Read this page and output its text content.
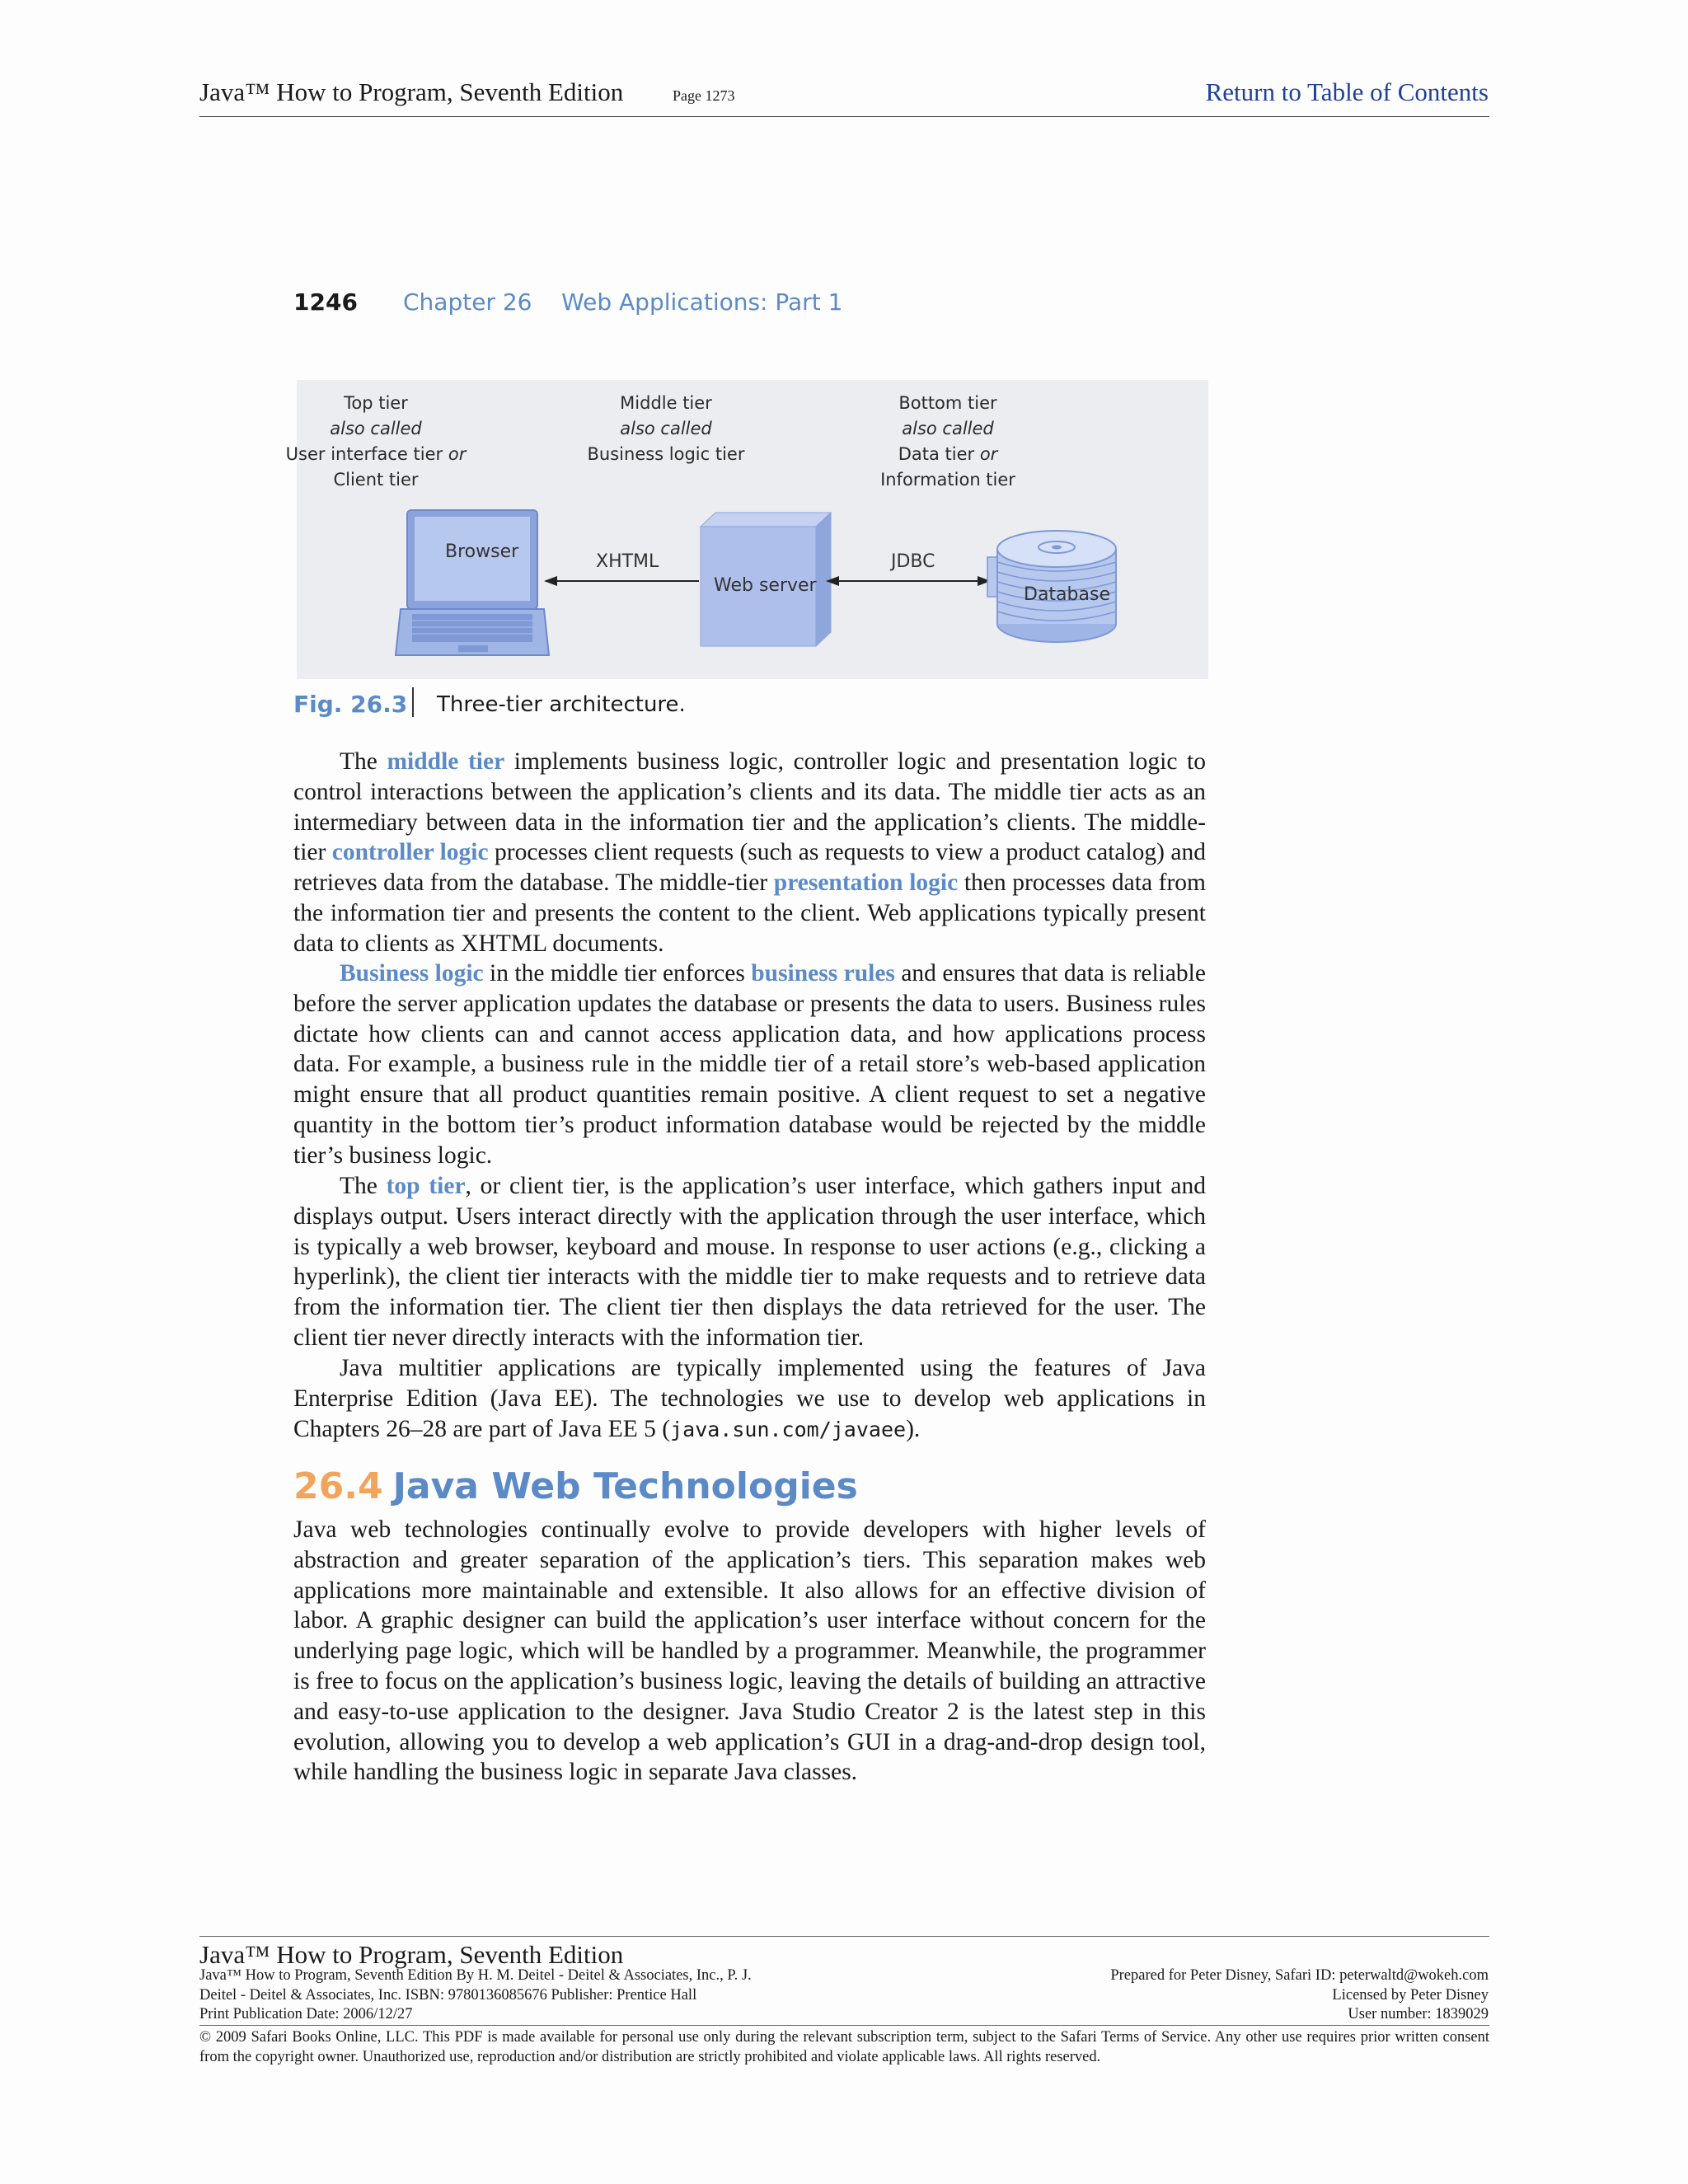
Java™ How to Program, Seventh Edition	Page 1273	Return to Table of Contents
1246 Chapter 26    Web Applications: Part 1
Top tier
also called
User interface tier or
Client tier
Middle tier
also called
Business logic tier
Bottom tier
also called
Data tier or
Information tier
Browser	XHTML
Web server
JDBC
Database
Fig. 26.3 Three-tier architecture.

The middle tier implements business logic, controller logic and presentation logic to control interactions between the application’s clients and its data. The middle tier acts as an intermediary between data in the information tier and the application’s clients. The middle-tier controller logic processes client requests (such as requests to view a product catalog) and retrieves data from the database. The middle-tier presentation logic then processes data from the information tier and presents the content to the client. Web applications typically present data to clients as XHTML documents.

Business logic in the middle tier enforces business rules and ensures that data is reliable before the server application updates the database or presents the data to users. Business rules dictate how clients can and cannot access application data, and how applications process data. For example, a business rule in the middle tier of a retail store’s web-based application might ensure that all product quantities remain positive. A client request to set a negative quantity in the bottom tier’s product information database would be rejected by the middle tier’s business logic.

The top tier, or client tier, is the application’s user interface, which gathers input and displays output. Users interact directly with the application through the user interface, which is typically a web browser, keyboard and mouse. In response to user actions (e.g., clicking a hyperlink), the client tier interacts with the middle tier to make requests and to retrieve data from the information tier. The client tier then displays the data retrieved for the user. The client tier never directly interacts with the information tier.

Java multitier applications are typically implemented using the features of Java Enterprise Edition (Java EE). The technologies we use to develop web applications in Chapters 26–28 are part of Java EE 5 (java.sun.com/javaee).

26.4 Java Web Technologies

Java web technologies continually evolve to provide developers with higher levels of abstraction and greater separation of the application’s tiers. This separation makes web applications more maintainable and extensible. It also allows for an effective division of labor. A graphic designer can build the application’s user interface without concern for the underlying page logic, which will be handled by a programmer. Meanwhile, the programmer is free to focus on the application’s business logic, leaving the details of building an attractive and easy-to-use application to the designer. Java Studio Creator 2 is the latest step in this evolution, allowing you to develop a web application’s GUI in a drag-and-drop design tool, while handling the business logic in separate Java classes.

Java™ How to Program, Seventh Edition
Java™ How to Program, Seventh Edition By H. M. Deitel - Deitel & Associates, Inc., P. J.
Deitel - Deitel & Associates, Inc. ISBN: 9780136085676 Publisher: Prentice Hall
Print Publication Date: 2006/12/27
Prepared for Peter Disney, Safari ID: peterwaltd@wokeh.com
Licensed by Peter Disney
User number: 1839029
© 2009 Safari Books Online, LLC. This PDF is made available for personal use only during the relevant subscription term, subject to the Safari Terms of Service. Any other use requires prior written consent from the copyright owner. Unauthorized use, reproduction and/or distribution are strictly prohibited and violate applicable laws. All rights reserved.
